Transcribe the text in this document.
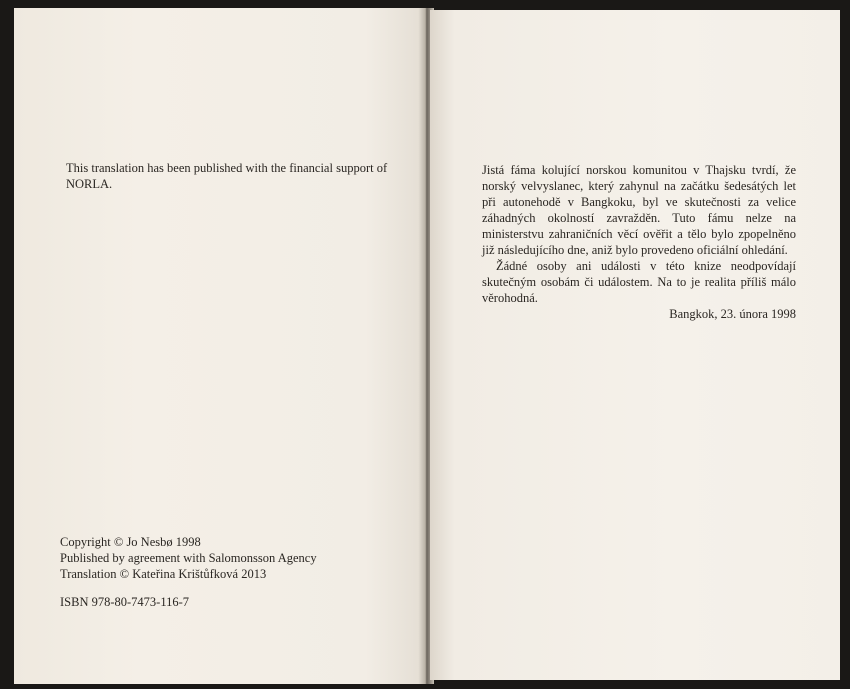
This translation has been published with the financial support of NORLA.
Copyright © Jo Nesbø 1998
Published by agreement with Salomonsson Agency
Translation © Kateřina Krištůfková 2013
ISBN 978-80-7473-116-7

Jistá fáma kolující norskou komunitou v Thajsku tvrdí, že norský velvyslanec, který zahynul na začátku šedesátých let při autonehodě v Bangkoku, byl ve skutečnosti za velice záhadných okolností zavražděn. Tuto fámu nelze na ministerstvu zahraničních věcí ověřit a tělo bylo zpopelněno již následujícího dne, aniž bylo provedeno oficiální ohledání.

Žádné osoby ani události v této knize neodpovídají skutečným osobám či událostem. Na to je realita příliš málo věrohodná.

Bangkok, 23. února 1998
